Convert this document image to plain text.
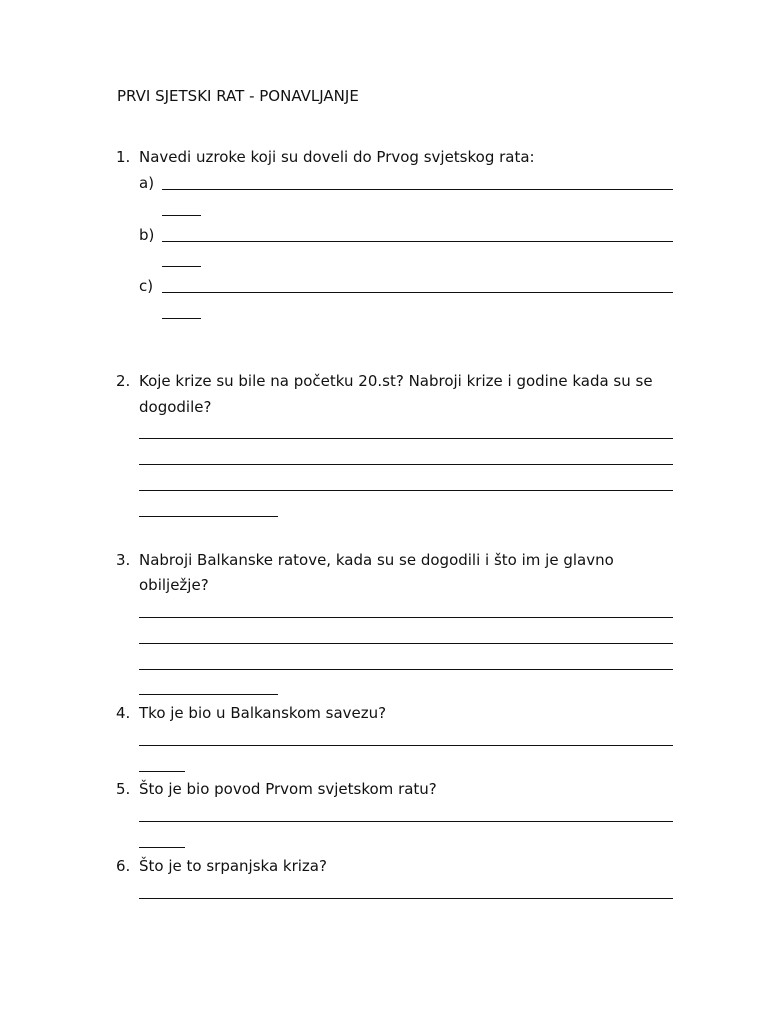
PRVI SJETSKI RAT - PONAVLJANJE
1. Navedi uzroke koji su doveli do Prvog svjetskog rata:
a)
b)
c)
2. Koje krize su bile na početku 20.st? Nabroji krize i godine kada su se
dogodile?
3. Nabroji Balkanske ratove, kada su se dogodili i što im je glavno
obilježje?
4. Tko je bio u Balkanskom savezu?
5. Što je bio povod Prvom svjetskom ratu?
6. Što je to srpanjska kriza?
